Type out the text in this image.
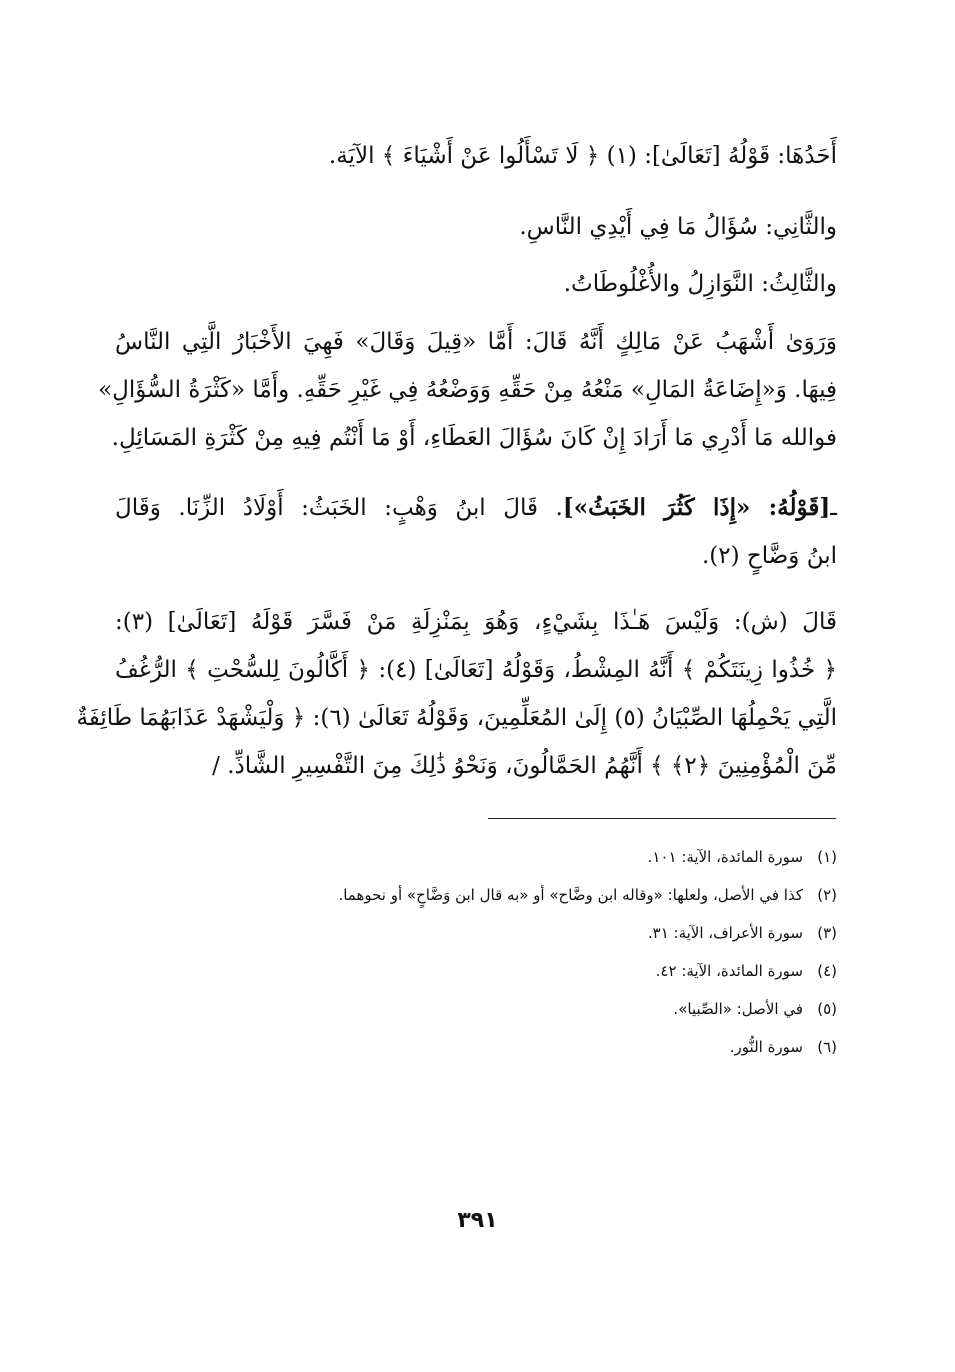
أَحَدُهَا: قَوْلُهُ [تَعَالَىٰ]: (١) ﴿ لَا تَسْأَلُوا عَنْ أَشْيَاءَ ﴾ الآيَة.

والثَّانِي: سُؤَالُ مَا فِي أَيْدِي النَّاسِ.

والثَّالِثُ: النَّوَازِلُ والأُغْلُوطَاتُ.

وَرَوَىٰ أَشْهَبُ عَنْ مَالِكٍ أَنَّهُ قَالَ: أَمَّا «قِيلَ وَقَالَ» فَهِيَ الأَخْبَارُ الَّتِي النَّاسُ
فِيهَا. وَ«إِضَاعَةُ المَالِ» مَنْعُهُ مِنْ حَقِّهِ وَوَضْعُهُ فِي غَيْرِ حَقِّهِ. وأَمَّا «كَثْرَةُ السُّؤَالِ»
فوالله مَا أَدْرِي مَا أَرَادَ إِنْ كَانَ سُؤَالَ العَطَاءِ، أَوْ مَا أَنْتُم فِيهِ مِنْ كَثْرَةِ المَسَائِلِ.
ـ[قَوْلُهُ: «إِذَا كَثُرَ الخَبَثُ»]. قَالَ ابنُ وَهْبٍ: الخَبَثُ: أَوْلَادُ الزِّنَا. وَقَالَ
ابنُ وَضَّاحٍ (٢).
قَالَ (ش): وَلَيْسَ هَـٰذَا بِشَيْءٍ، وَهُوَ بِمَنْزِلَةِ مَنْ فَسَّرَ قَوْلَهُ [تَعَالَىٰ] (٣):
﴿ خُذُوا زِينَتَكُمْ ﴾ أَنَّهُ المِشْطُ، وَقَوْلُهُ [تَعَالَىٰ] (٤): ﴿ أَكَّالُونَ لِلسُّحْتِ ﴾ الرُّغُفُ
الَّتِي يَحْمِلُهَا الصِّبْيَانُ (٥) إِلَىٰ المُعَلِّمِينَ، وَقَوْلُهُ تَعَالَىٰ (٦): ﴿ وَلْيَشْهَدْ عَذَابَهُمَا طَائِفَةٌ
مِّنَ الْمُؤْمِنِينَ ﴿٢﴾ ﴾ أَنَّهُمُ الحَمَّالُونَ، وَنَحْوُ ذَٰلِكَ مِنَ التَّفْسِيرِ الشَّاذِّ. /
(١)سورة المائدة، الآية: ١٠١.
(٢)كذا في الأصل، ولعلها: «وقاله ابن وضَّاح» أو «به قال ابن وَضَّاحٍ» أو نحوهما.
(٣)سورة الأعراف، الآية: ٣١.
(٤)سورة المائدة، الآية: ٤٢.
(٥)في الأصل: «الصِّبيا».
(٦)سورة النُّور.
٣٩١
